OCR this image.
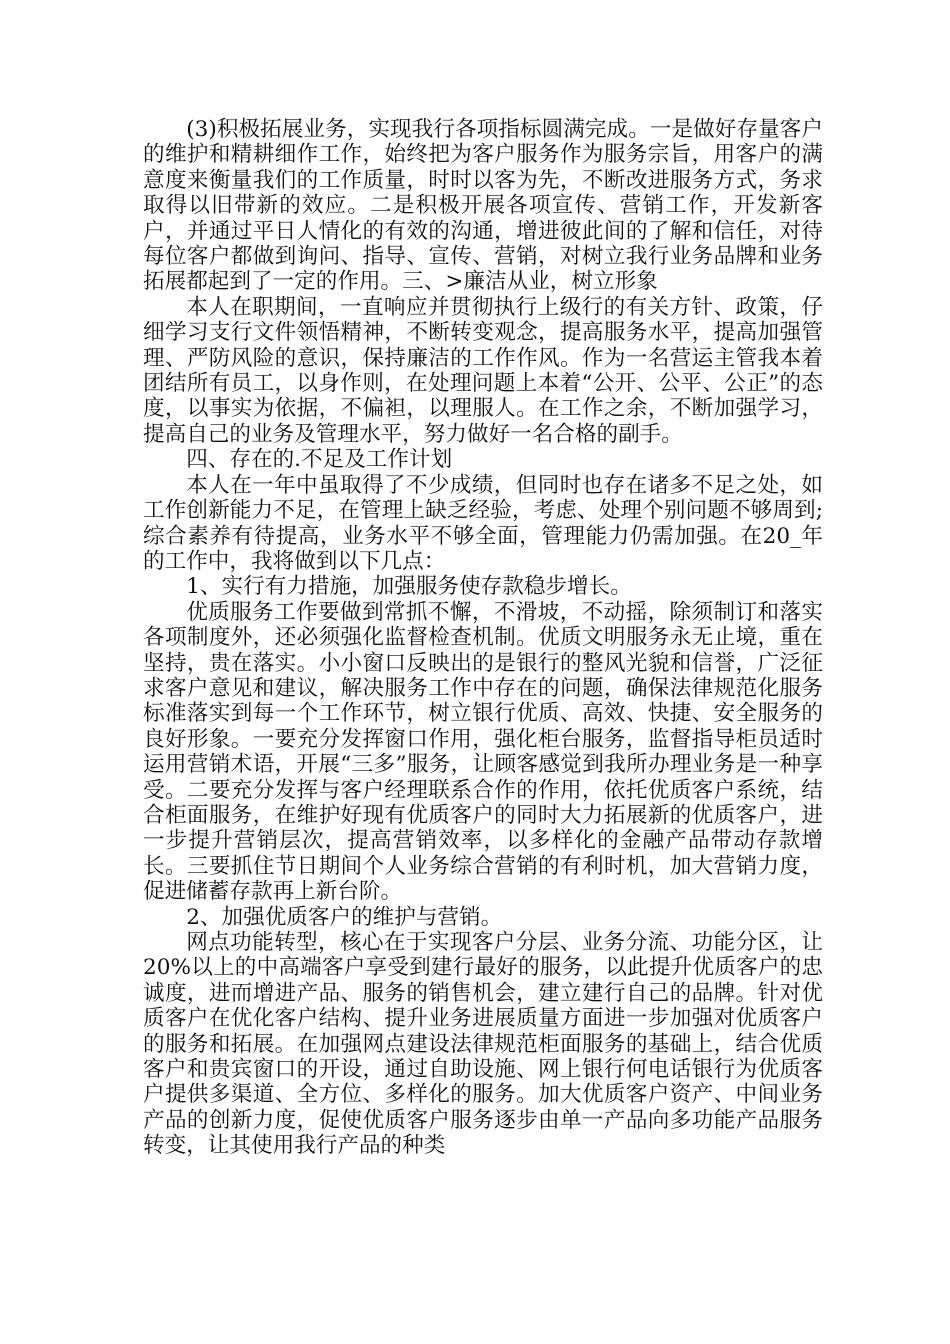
(3)积极拓展业务，实现我行各项指标圆满完成。一是做好存量客户的维护和精耕细作工作，始终把为客户服务作为服务宗旨，用客户的满意度来衡量我们的工作质量，时时以客为先，不断改进服务方式，务求取得以旧带新的效应。二是积极开展各项宣传、营销工作，开发新客户，并通过平日人情化的有效的沟通，增进彼此间的了解和信任，对待每位客户都做到询问、指导、宣传、营销，对树立我行业务品牌和业务拓展都起到了一定的作用。三、>廉洁从业，树立形象

本人在职期间，一直响应并贯彻执行上级行的有关方针、政策，仔细学习支行文件领悟精神，不断转变观念，提高服务水平，提高加强管理、严防风险的意识，保持廉洁的工作作风。作为一名营运主管我本着团结所有员工，以身作则，在处理问题上本着“公开、公平、公正”的态度，以事实为依据，不偏袒，以理服人。在工作之余，不断加强学习，提高自己的业务及管理水平，努力做好一名合格的副手。

四、存在的.不足及工作计划

本人在一年中虽取得了不少成绩，但同时也存在诸多不足之处，如工作创新能力不足，在管理上缺乏经验，考虑、处理个别问题不够周到;综合素养有待提高，业务水平不够全面，管理能力仍需加强。在20_年的工作中，我将做到以下几点：

1、实行有力措施，加强服务使存款稳步增长。

优质服务工作要做到常抓不懈，不滑坡，不动摇，除须制订和落实各项制度外，还必须强化监督检查机制。优质文明服务永无止境，重在坚持，贵在落实。小小窗口反映出的是银行的整风光貌和信誉，广泛征求客户意见和建议，解决服务工作中存在的问题，确保法律规范化服务标准落实到每一个工作环节，树立银行优质、高效、快捷、安全服务的良好形象。一要充分发挥窗口作用，强化柜台服务，监督指导柜员适时运用营销术语，开展“三多”服务，让顾客感觉到我所办理业务是一种享受。二要充分发挥与客户经理联系合作的作用，依托优质客户系统，结合柜面服务，在维护好现有优质客户的同时大力拓展新的优质客户，进一步提升营销层次，提高营销效率，以多样化的金融产品带动存款增长。三要抓住节日期间个人业务综合营销的有利时机，加大营销力度，促进储蓄存款再上新台阶。

2、加强优质客户的维护与营销。

网点功能转型，核心在于实现客户分层、业务分流、功能分区，让20%以上的中高端客户享受到建行最好的服务，以此提升优质客户的忠诚度，进而增进产品、服务的销售机会，建立建行自己的品牌。针对优质客户在优化客户结构、提升业务进展质量方面进一步加强对优质客户的服务和拓展。在加强网点建设法律规范柜面服务的基础上，结合优质客户和贵宾窗口的开设，通过自助设施、网上银行何电话银行为优质客户提供多渠道、全方位、多样化的服务。加大优质客户资产、中间业务产品的创新力度，促使优质客户服务逐步由单一产品向多功能产品服务转变，让其使用我行产品的种类
